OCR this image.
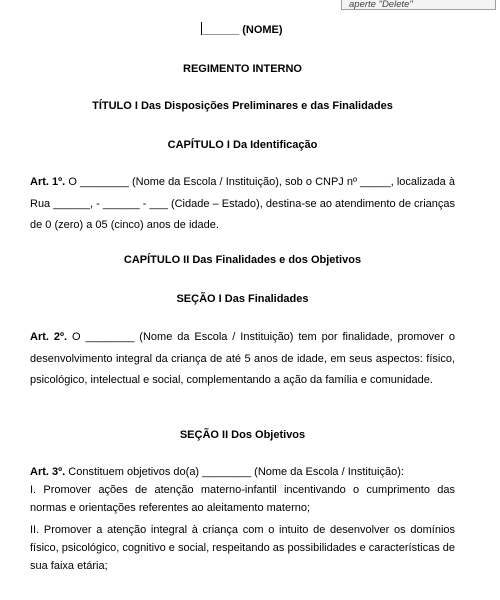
aperte "Delete"
______ (NOME)
REGIMENTO INTERNO
TÍTULO I Das Disposições Preliminares e das Finalidades
CAPÍTULO I Da Identificação
Art. 1º. O ________ (Nome da Escola / Instituição), sob o CNPJ nº _____, localizada à Rua ______, - ______ - ___ (Cidade – Estado), destina-se ao atendimento de crianças de 0 (zero) a 05 (cinco) anos de idade.
CAPÍTULO II Das Finalidades e dos Objetivos
SEÇÃO I Das Finalidades
Art. 2º. O ________ (Nome da Escola / Instituição) tem por finalidade, promover o desenvolvimento integral da criança de até 5 anos de idade, em seus aspectos: físico, psicológico, intelectual e social, complementando a ação da família e comunidade.
SEÇÃO II Dos Objetivos
Art. 3º. Constituem objetivos do(a) ________ (Nome da Escola / Instituição):
I. Promover ações de atenção materno-infantil incentivando o cumprimento das normas e orientações referentes ao aleitamento materno;
II. Promover a atenção integral à criança com o intuito de desenvolver os domínios físico, psicológico, cognitivo e social, respeitando as possibilidades e características de sua faixa etária;
